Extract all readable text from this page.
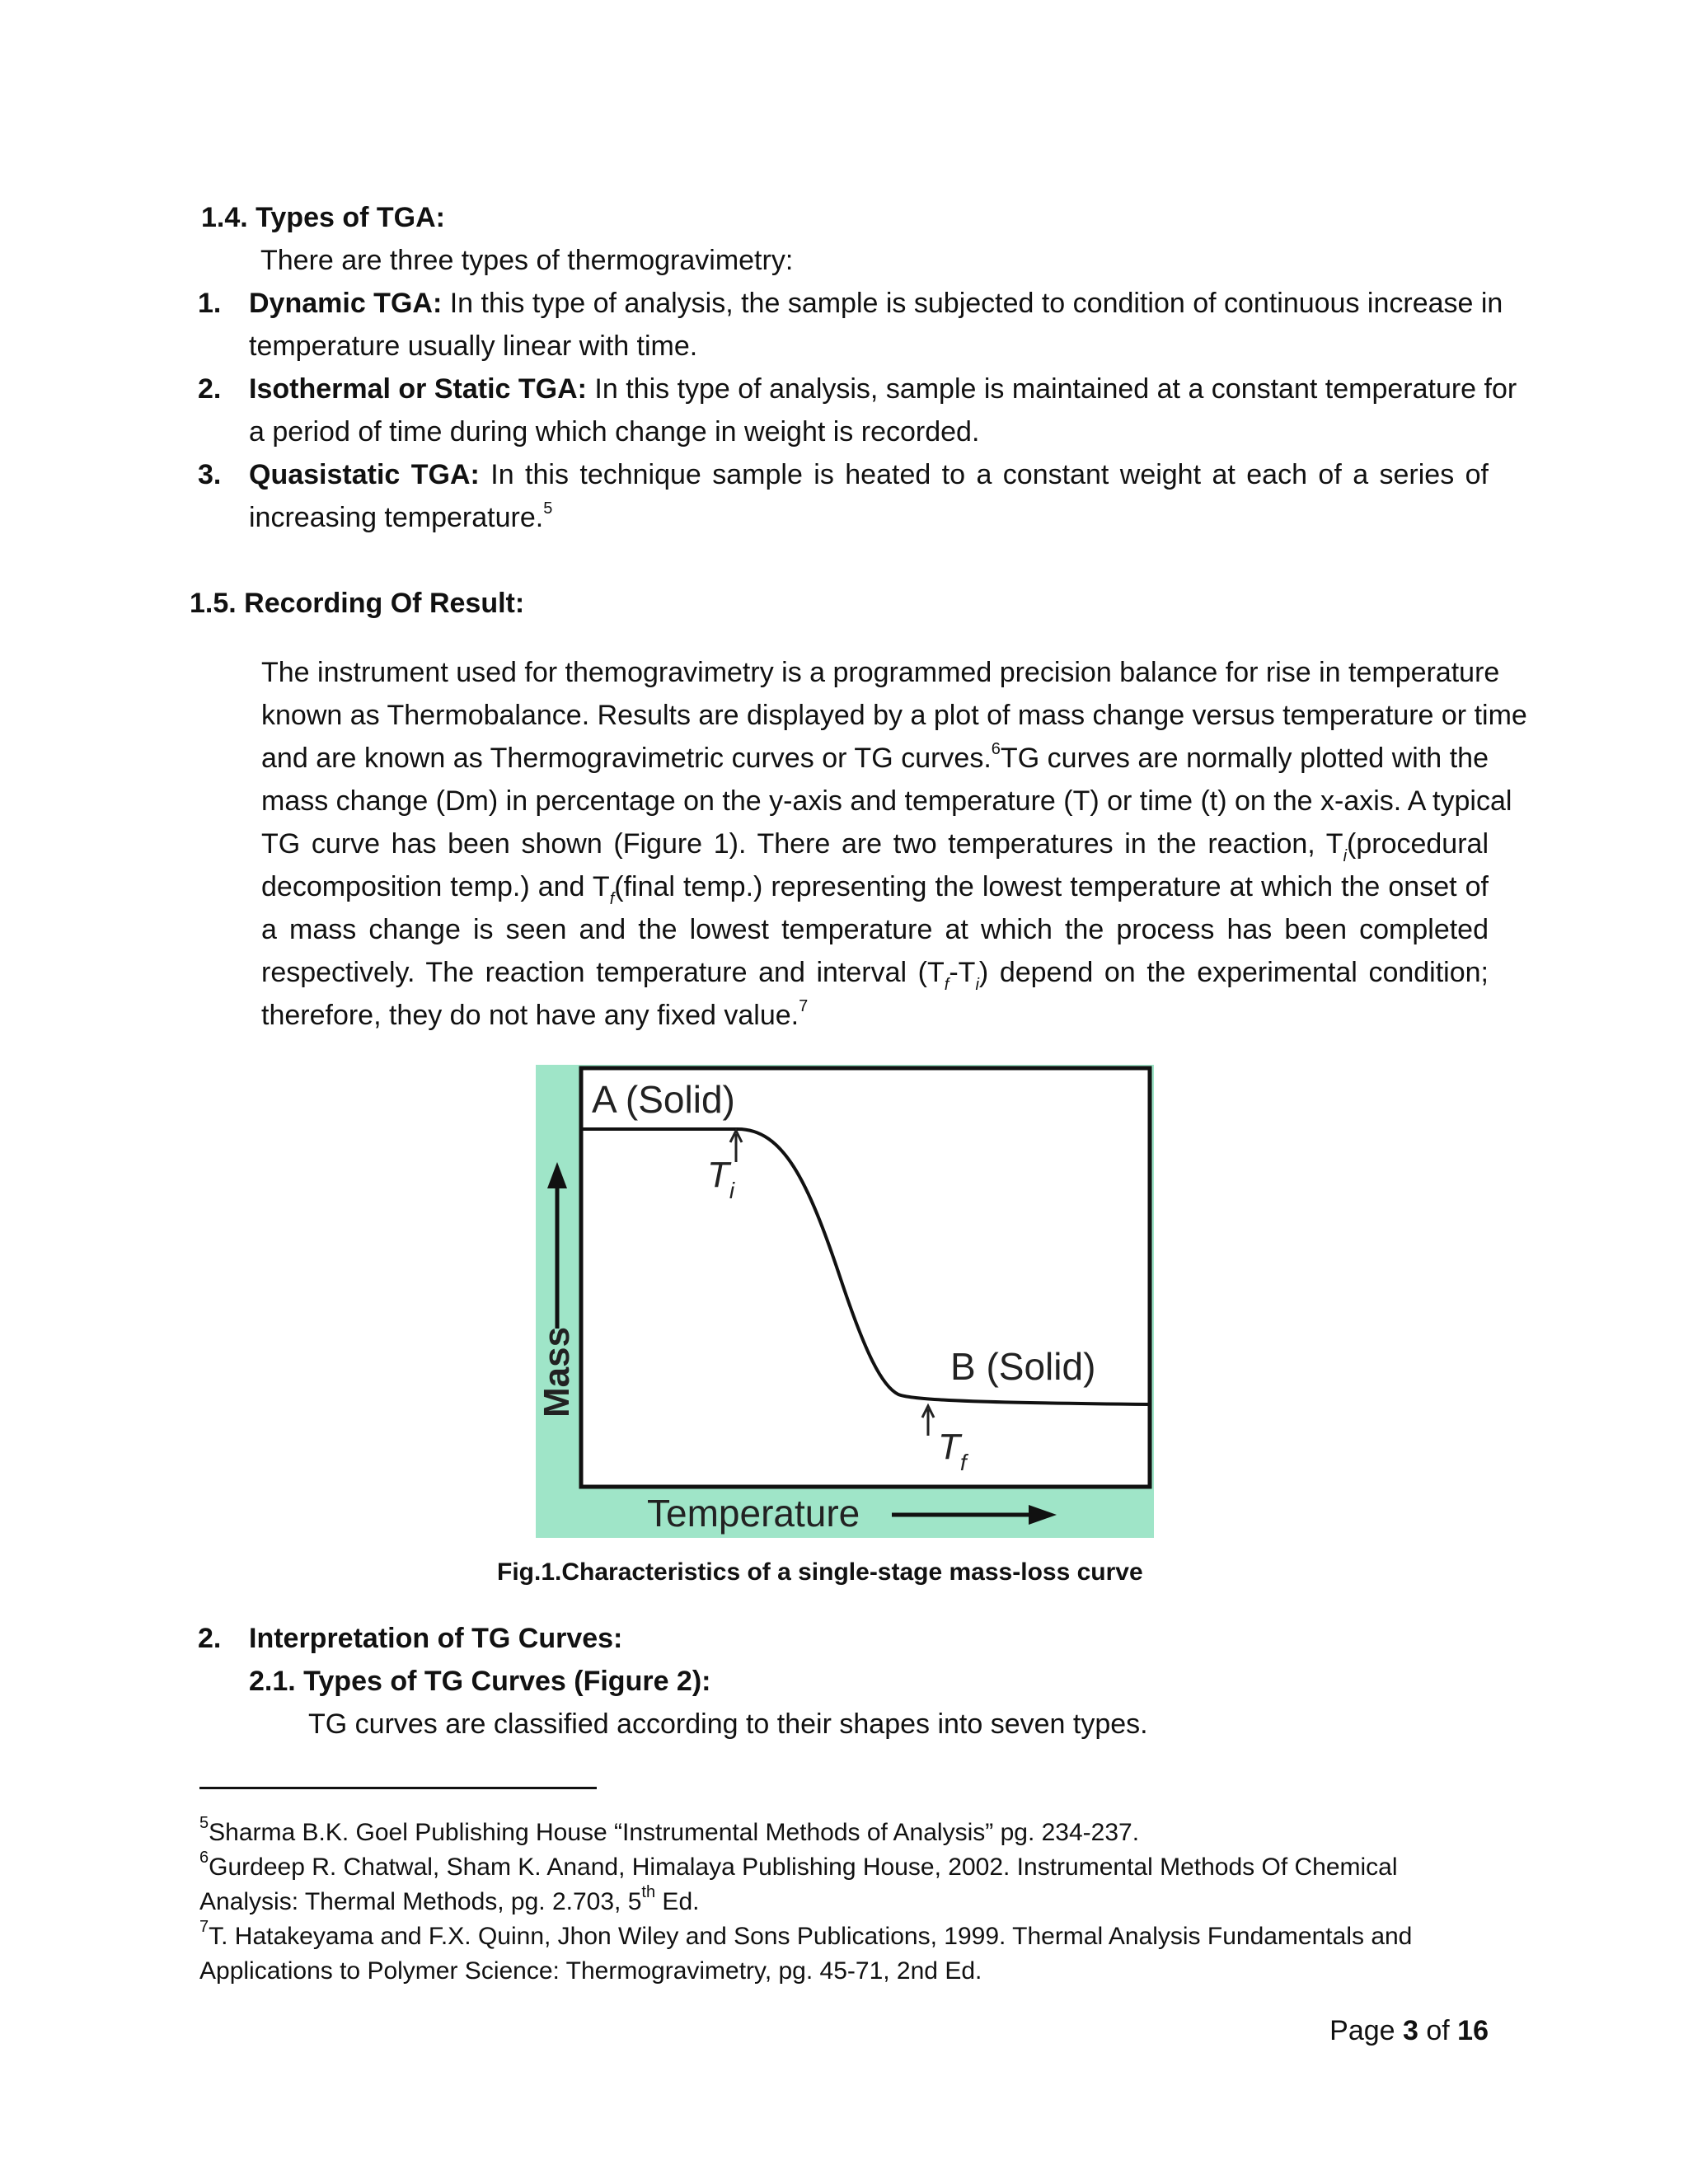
1.4. Types of TGA:
There are three types of thermogravimetry:
1. Dynamic TGA: In this type of analysis, the sample is subjected to condition of continuous increase in
temperature usually linear with time.
2. Isothermal or Static TGA: In this type of analysis, sample is maintained at a constant temperature for
a period of time during which change in weight is recorded.
3. Quasistatic TGA: In this technique sample is heated to a constant weight at each of a series of
increasing temperature.$^5$
1.5. Recording Of Result:
The instrument used for themogravimetry is a programmed precision balance for rise in temperature
known as Thermobalance. Results are displayed by a plot of mass change versus temperature or time
and are known as Thermogravimetric curves or TG curves.$^6$TG curves are normally plotted with the
mass change (Dm) in percentage on the y-axis and temperature (T) or time (t) on the x-axis. A typical
TG curve has been shown (Figure 1). There are two temperatures in the reaction, $T_i(procedural$
decomposition temp.) and $T_f(final$ temp.) representing the lowest temperature at which the onset of
a mass change is seen and the lowest temperature at which the process has been completed
respectively. The reaction temperature and interval $(T_f-T_i)$ depend on the experimental condition;
therefore, they do not have any fixed value.$^7$
A (Solid)
B (Solid)
$T_i$
$T_f$
Mass
Temperature
Fig.1.Characteristics of a single-stage mass-loss curve
2. Interpretation of TG Curves:
2.1. Types of TG Curves (Figure 2):
TG curves are classified according to their shapes into seven types.
$^5$Sharma B.K. Goel Publishing House “Instrumental Methods of Analysis” pg. 234-237.
$^6$Gurdeep R. Chatwal, Sham K. Anand, Himalaya Publishing House, 2002. Instrumental Methods Of Chemical
Analysis: Thermal Methods, pg. 2.703, 5th Ed.
$^7$T. Hatakeyama and F.X. Quinn, Jhon Wiley and Sons Publications, 1999. Thermal Analysis Fundamentals and
Applications to Polymer Science: Thermogravimetry, pg. 45-71, 2nd Ed.
Page 3 of 16
